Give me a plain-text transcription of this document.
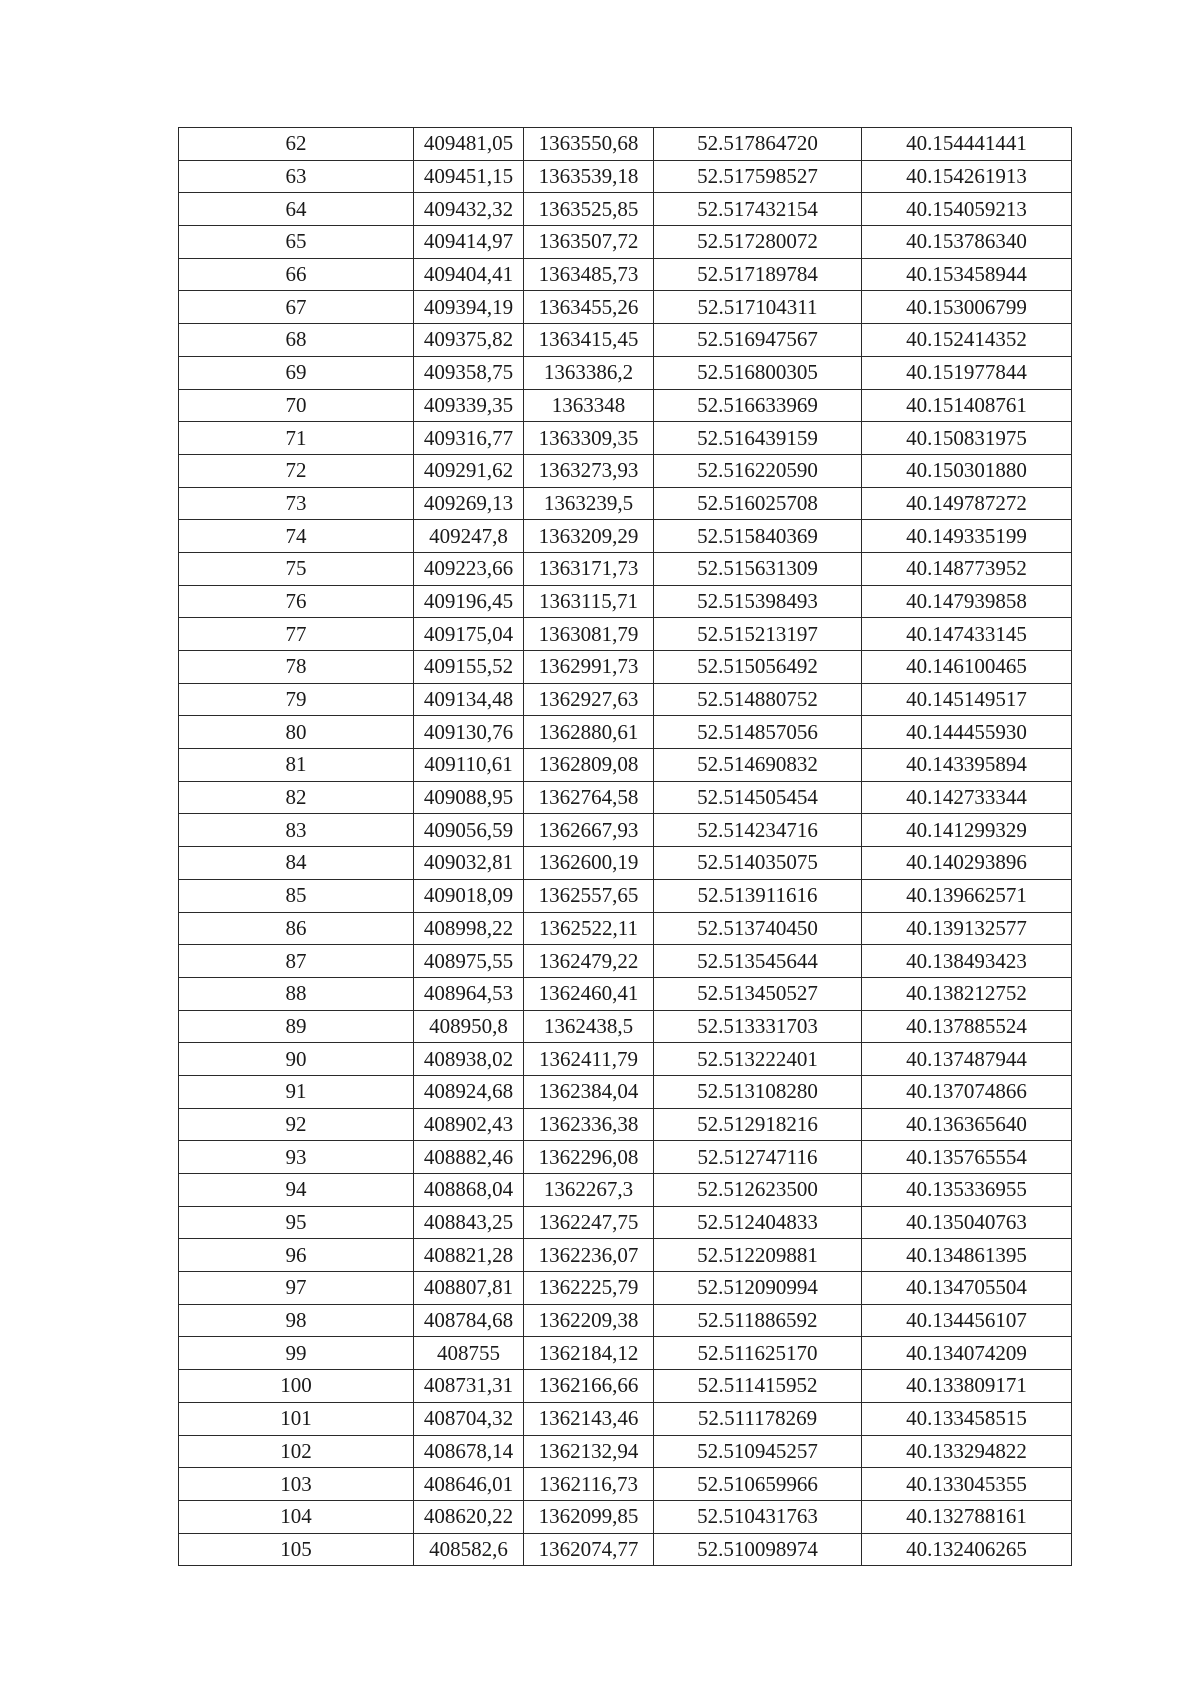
62	409481,05	1363550,68	52.517864720	40.154441441
63	409451,15	1363539,18	52.517598527	40.154261913
64	409432,32	1363525,85	52.517432154	40.154059213
65	409414,97	1363507,72	52.517280072	40.153786340
66	409404,41	1363485,73	52.517189784	40.153458944
67	409394,19	1363455,26	52.517104311	40.153006799
68	409375,82	1363415,45	52.516947567	40.152414352
69	409358,75	1363386,2	52.516800305	40.151977844
70	409339,35	1363348	52.516633969	40.151408761
71	409316,77	1363309,35	52.516439159	40.150831975
72	409291,62	1363273,93	52.516220590	40.150301880
73	409269,13	1363239,5	52.516025708	40.149787272
74	409247,8	1363209,29	52.515840369	40.149335199
75	409223,66	1363171,73	52.515631309	40.148773952
76	409196,45	1363115,71	52.515398493	40.147939858
77	409175,04	1363081,79	52.515213197	40.147433145
78	409155,52	1362991,73	52.515056492	40.146100465
79	409134,48	1362927,63	52.514880752	40.145149517
80	409130,76	1362880,61	52.514857056	40.144455930
81	409110,61	1362809,08	52.514690832	40.143395894
82	409088,95	1362764,58	52.514505454	40.142733344
83	409056,59	1362667,93	52.514234716	40.141299329
84	409032,81	1362600,19	52.514035075	40.140293896
85	409018,09	1362557,65	52.513911616	40.139662571
86	408998,22	1362522,11	52.513740450	40.139132577
87	408975,55	1362479,22	52.513545644	40.138493423
88	408964,53	1362460,41	52.513450527	40.138212752
89	408950,8	1362438,5	52.513331703	40.137885524
90	408938,02	1362411,79	52.513222401	40.137487944
91	408924,68	1362384,04	52.513108280	40.137074866
92	408902,43	1362336,38	52.512918216	40.136365640
93	408882,46	1362296,08	52.512747116	40.135765554
94	408868,04	1362267,3	52.512623500	40.135336955
95	408843,25	1362247,75	52.512404833	40.135040763
96	408821,28	1362236,07	52.512209881	40.134861395
97	408807,81	1362225,79	52.512090994	40.134705504
98	408784,68	1362209,38	52.511886592	40.134456107
99	408755	1362184,12	52.511625170	40.134074209
100	408731,31	1362166,66	52.511415952	40.133809171
101	408704,32	1362143,46	52.511178269	40.133458515
102	408678,14	1362132,94	52.510945257	40.133294822
103	408646,01	1362116,73	52.510659966	40.133045355
104	408620,22	1362099,85	52.510431763	40.132788161
105	408582,6	1362074,77	52.510098974	40.132406265
